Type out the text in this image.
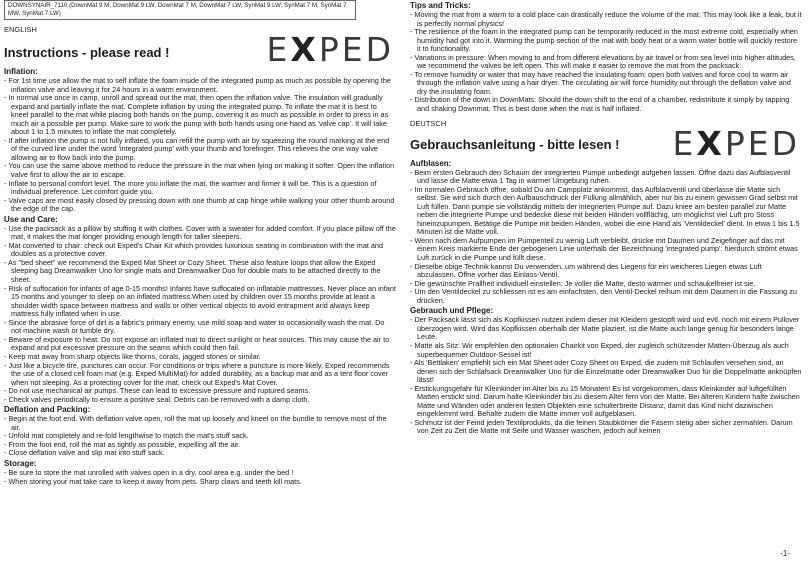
DOWNSYNAIR_7110 (DownMat 9 M, DownMat 9 LW, DownMat 7 M, DownMat 7 LW, SynMat 9 LW, SynMat 7 M, SynMat 7 MW, SynMat 7 LW)
ENGLISH
Instructions - please read !	EXPED
Inflation:
- For 1st time use allow the mat to self inflate the foam inside of the integrated pump as much as possible by opening the inflation valve and leaving it for 24 hours in a warm environment.
- In normal use once in camp, unroll and spread out the mat, then open the inflation valve. The insulation will gradually expand and partially inflate the mat. Complete inflation by using the integrated pump. To inflate the mat it is best to kneel parallel to the mat while placing both hands on the pump, covering it as much as possible in order to press in as much air a possible per pump. Make sure to work the pump with both hands using one hand as 'valve cap'. It will take about 1 to 1.5 minutes to inflate the mat completely.
- If after inflation the pump is not fully inflated, you can refill the pump with air by squeezing the round marking at the end of the curved line under the word 'integrated pump' with your thumb and forefinger. This relieves the one way valve allowing air to flow back into the pump.
- You can use the same above method to reduce the pressure in the mat when lying on making it softer. Open the inflation valve first to allow the air to escape.
- Inflate to personal comfort level. The more you inflate the mat, the warmer and firmer it will be. This is a question of individual preference. Let comfort guide you.
- Valve caps are most easily closed by pressing down with one thumb at cap hinge while walking your other thumb around the edge of the cap.
Use and Care:
- Use the packsack as a pillow by stuffing it with clothes. Cover with a sweater for added comfort. If you place pillow off the mat, it makes the mat longer providing enough length for taller sleepers.
- Mat converted to chair: check out Exped's Chair Kit which provides luxurious seating in combination with the mat and doubles as a protective cover.
- As "bed sheet" we recommend the Exped Mat Sheet or Cozy Sheet. These also feature loops that allow the Exped sleeping bag Dreamwalker Uno for single mats and Dreamwalker Duo for double mats to be attached directly to the sheet.
- Risk of suffocation for infants of age 0-15 months! Infants have suffocated on inflatable mattresses. Never place an infant 15 months and younger to sleep on an inflated mattress.When used by children over 15 months provide at least a shoulder width space between mattress and walls or other vertical objects to avoid entrapment and always keep mattress fully inflated when in use.
- Since the abrasive force of dirt is a fabric's primary enemy, use mild soap and water to occasionally wash the mat. Do not machine wash or tumble dry.
- Beware of exposure to heat: Do not expose an inflated mat to direct sunlight or heat sources. This may cause the air to expand and put excessive pressure on the seams which could then fail.
- Keep mat away from sharp objects like thorns, corals, jagged stones or similar.
- Just like a bicycle tire, punctures can occur. For conditions or trips where a puncture is more likely, Exped recommends the use of a closed cell foam mat (e.g. Exped MultiMat) for added durability, as a backup mat and as a tent floor cover when not sleeping. As a protecting cover for the mat, check out Exped's Mat Cover.
- Do not use mechanical air pumps. These can lead to excessive pressure and ruptured seams.
- Check valves periodically to ensure a positive seal. Debris can be removed with a damp cloth.
Deflation and Packing:
- Begin at the foot end. With deflation valve open, roll the mat up loosely and kneel on the bundle to remove most of the air.
- Unfold mat completely and re-fold lengthwise to match the mat's stuff sack.
- From the foot end, roll the mat as tightly as possible, expelling all the air.
- Close deflation valve and slip mat into stuff sack.
Storage:
- Be sure to store the mat unrolled with valves open in a dry, cool area e.g. under the bed !
- When storing your mat take care to keep it away from pets. Sharp claws and teeth kill mats.
Tips and Tricks:
- Moving the mat from a warm to a cold place can drastically reduce the volume of the mat. This may look like a leak, but it is perfectly normal physics!
- The resilience of the foam in the integrated pump can be temporarily reduced in the most extreme cold, especially when humidity had got into it. Warming the pump section of the mat with body heat or a warm water bottle will quickly restore it to functionality.
- Variations in pressure: When moving to and from different elevations by air travel or from sea level into higher altitudes, we recommend the valves be left open. This will make it easier to remove the mat from the packsack.
- To remove humidity or water that may have reached the insulating foam: open both valves and force cool to warm air through the inflation valve using a hair dryer. The circulating air will force humidity out through the deflation valve and dry the insulating foam.
- Distribution of the down in DownMats: Should the down shift to the end of a chamber, redistribute it simply by tapping and shaking Downmat. This is best done when the mat is half inflated.
DEUTSCH
Gebrauchsanleitung - bitte lesen ! EXPED
Aufblasen:
- Beim ersten Gebrauch den Schaum der integrierten Pumpe unbedingt aufgehen lassen. Öffne dazu das Aufblasventil und lasse die Matte etwa 1 Tag in warmer Umgebung ruhen.
- Im normalen Gebrauch öffne, sobald Du am Campplatz ankommst, das Aufblasventil und überlasse die Matte sich selbst. Sie wird sich durch den Aufbauschdruck der Füllung allmählich, aber nur bis zu einem gewissen Grad selbst mit Luft füllen. Dann pumpe sie vollständig mittels der integrierten Pumpe auf. Dazu kniee am besten parallel zur Matte neben die integrierte Pumpe und bedecke diese mit beiden Händen vollflächig, um möglichst viel Luft pro Stoss hineinzupumpen. Betätige die Pumpe mit beiden Händen, wobei die eine Hand als 'Ventildeckel' dient. In etwa 1 bis 1.5 Minuten ist die Matte voll.
- Wenn nach dem Aufpumpen im Pumpenteil zu wenig Luft verbleibt, drücke mit Daumen und Zeigefinger auf das mit einem Kreis markierte Ende der gebogenen Linie unterhalb der Bezeichnung 'integrated pump': hierdurch strömt etwas Luft zurück in die Pumpe und füllt diese.
- Dieselbe obige Technik kannst Du verwenden, um während des Liegens für ein weicheres Liegen etwas Luft abzulassen. Öffne vorher das Einlass-Ventil.
- Die gewünschte Prallheit individuell einstellen: Je voller die Matte, desto wärmer und schaukelfreier ist sie.
- Um den Ventildeckel zu schliessen ist es am einfachsten, den Ventil-Deckel reihum mit dem Daumen in die Fassung zu drücken.
Gebrauch und Pflege:
- Der Packsack lässt sich als Kopfkissen nutzen indem dieser mit Kleidern gestopft wird und evtl. noch mit einem Pullover überzogen wird. Wird das Kopfkissen oberhalb der Matte plaziert, ist die Matte auch lange genug für besonders lange Leute.
- Matte als Sitz: Wir empfehlen den optionalen Chairkit von Exped, der zugleich schützender Matten-Überzug als auch superbequemer Outdoor-Sessel ist!
- Als 'Bettlaken' empfiehlt sich ein Mat Sheet oder Cozy Sheet on Exped, die zudem mit Schlaufen versehen sind, an denen sich der Schlafsack Dreamwalker Uno für die Einzelmatte oder Dreamwalker Duo für die Doppelmatte anknüpfen lässt!
- Erstickungsgefahr für Kleinkinder im Alter bis zu 15 Monaten! Es ist vorgekommen, dass Kleinkinder auf luftgefüllten Matten erstickt sind. Darum halte Kleinkinder bis zu diesem Alter fern von der Matte. Bei älteren Kindern halte zwischen Matte und Wänden oder anderen festen Objekten eine schulterbreite Distanz, damit das Kind nicht dazwischen eingeklemmt wird. Behalte zudem die Matte immer voll aufgeblasen.
- Schmutz ist der Feind jeden Textilprodukts, da die feinen Staubkörner die Fasern stetig aber sicher zermahlen. Darum von Zeit zu Zeit die Matte mit Seife und Wasser waschen, jedoch auf keinen
-1-
